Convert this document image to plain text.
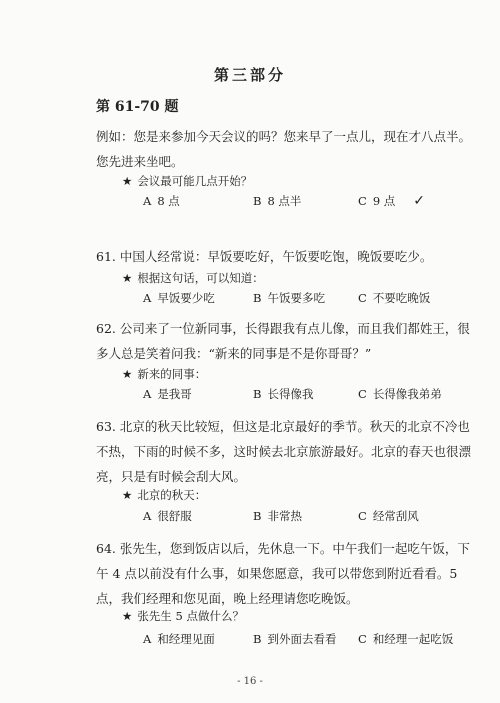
第三部分
第 61-70 题
例如：您是来参加今天会议的吗？您来早了一点儿，现在才八点半。您先进来坐吧。
★ 会议最可能几点开始？
A 8 点	B 8 点半	C 9 点 ✓
61. 中国人经常说：早饭要吃好，午饭要吃饱，晚饭要吃少。
★ 根据这句话，可以知道：
A 早饭要少吃	B 午饭要多吃	C 不要吃晚饭
62. 公司来了一位新同事，长得跟我有点儿像，而且我们都姓王，很多人总是笑着问我：“新来的同事是不是你哥哥？”
★ 新来的同事：
A 是我哥	B 长得像我	C 长得像我弟弟
63. 北京的秋天比较短，但这是北京最好的季节。秋天的北京不冷也不热，下雨的时候不多，这时候去北京旅游最好。北京的春天也很漂亮，只是有时候会刮大风。
★ 北京的秋天：
A 很舒服	B 非常热	C 经常刮风
64. 张先生，您到饭店以后，先休息一下。中午我们一起吃午饭，下午 4 点以前没有什么事，如果您愿意，我可以带您到附近看看。5 点，我们经理和您见面，晚上经理请您吃晚饭。
★ 张先生 5 点做什么？
A 和经理见面	B 到外面去看看 C 和经理一起吃饭
- 16 -
